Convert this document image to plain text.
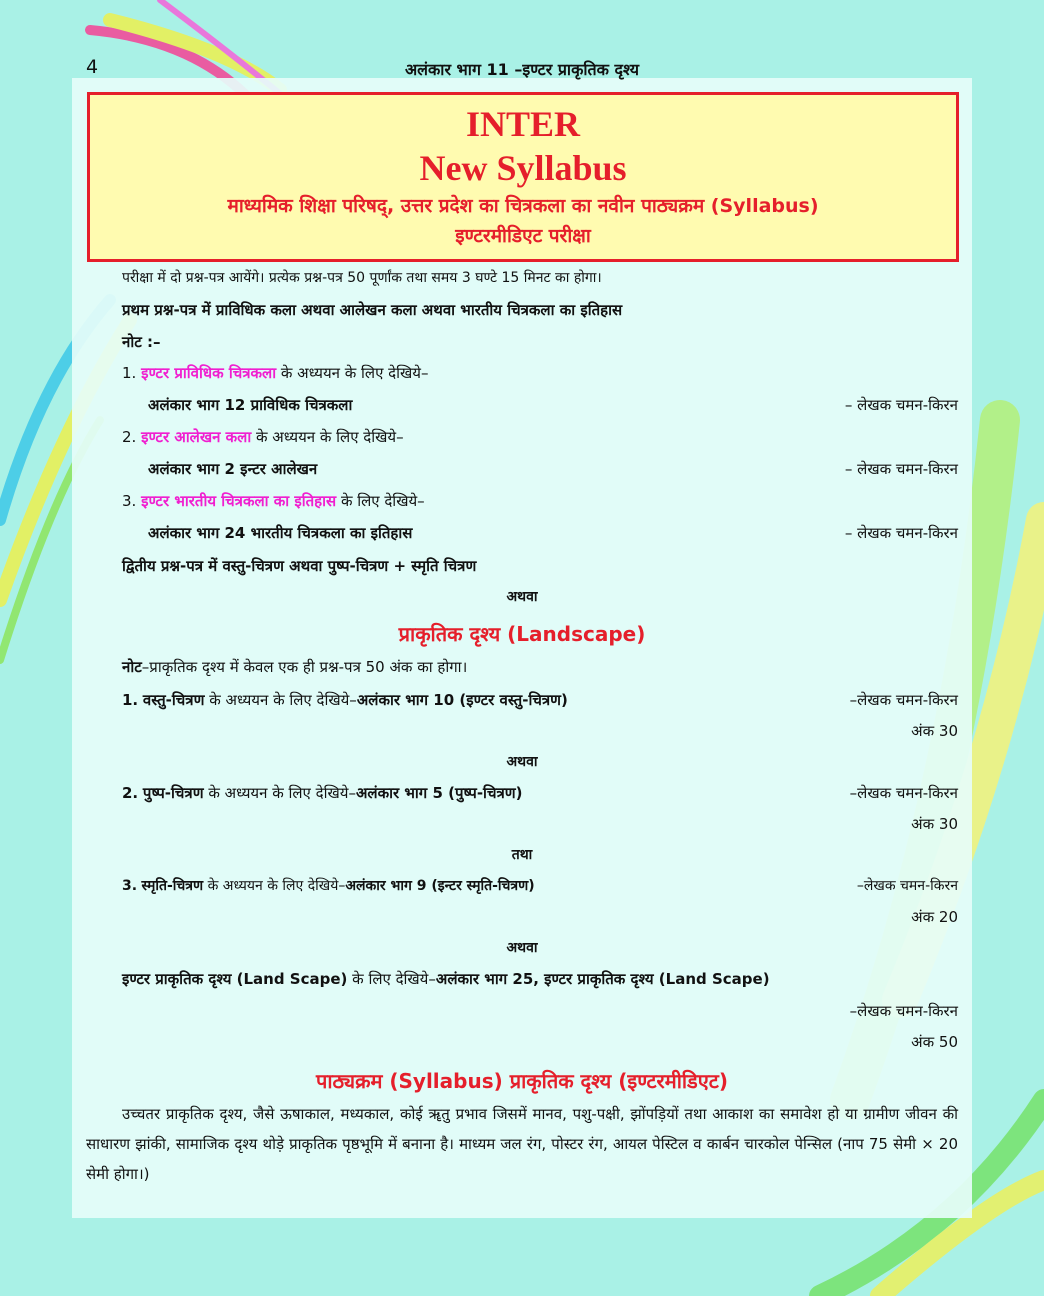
4	अलंकार भाग 11 –इण्टर प्राकृतिक दृश्य
INTER
New Syllabus
माध्यमिक शिक्षा परिषद्, उत्तर प्रदेश का चित्रकला का नवीन पाठ्यक्रम (Syllabus)
इण्टरमीडिएट परीक्षा
परीक्षा में दो प्रश्न-पत्र आयेंगे। प्रत्येक प्रश्न-पत्र 50 पूर्णांक तथा समय 3 घण्टे 15 मिनट का होगा।
प्रथम प्रश्न-पत्र में प्राविधिक कला अथवा आलेखन कला अथवा भारतीय चित्रकला का इतिहास
नोट :–
1. इण्टर प्राविधिक चित्रकला के अध्ययन के लिए देखिये–
अलंकार भाग 12 प्राविधिक चित्रकला	– लेखक चमन-किरन
2. इण्टर आलेखन कला के अध्ययन के लिए देखिये–
अलंकार भाग 2 इन्टर आलेखन	– लेखक चमन-किरन
3. इण्टर भारतीय चित्रकला का इतिहास के लिए देखिये–
अलंकार भाग 24 भारतीय चित्रकला का इतिहास	– लेखक चमन-किरन
द्वितीय प्रश्न-पत्र में वस्तु-चित्रण अथवा पुष्प-चित्रण + स्मृति चित्रण
अथवा
प्राकृतिक दृश्य (Landscape)
नोट–प्राकृतिक दृश्य में केवल एक ही प्रश्न-पत्र 50 अंक का होगा।
1. वस्तु-चित्रण के अध्ययन के लिए देखिये–अलंकार भाग 10 (इण्टर वस्तु-चित्रण)	–लेखक चमन-किरन
अंक 30
अथवा
2. पुष्प-चित्रण के अध्ययन के लिए देखिये–अलंकार भाग 5 (पुष्प-चित्रण)	–लेखक चमन-किरन
अंक 30
तथा
3. स्मृति-चित्रण के अध्ययन के लिए देखिये–अलंकार भाग 9 (इन्टर स्मृति-चित्रण)	–लेखक चमन-किरन
अंक 20
अथवा
इण्टर प्राकृतिक दृश्य (Land Scape) के लिए देखिये–अलंकार भाग 25, इण्टर प्राकृतिक दृश्य (Land Scape)
–लेखक चमन-किरन
अंक 50
पाठ्यक्रम (Syllabus) प्राकृतिक दृश्य (इण्टरमीडिएट)
उच्चतर प्राकृतिक दृश्य, जैसे ऊषाकाल, मध्यकाल, कोई ॠतु प्रभाव जिसमें मानव, पशु-पक्षी, झोंपड़ियों तथा आकाश का समावेश हो या ग्रामीण जीवन की साधारण झांकी, सामाजिक दृश्य थोड़े प्राकृतिक पृष्ठभूमि में बनाना है। माध्यम जल रंग, पोस्टर रंग, आयल पेस्टिल व कार्बन चारकोल पेन्सिल (नाप 75 सेमी × 20 सेमी होगा।)
